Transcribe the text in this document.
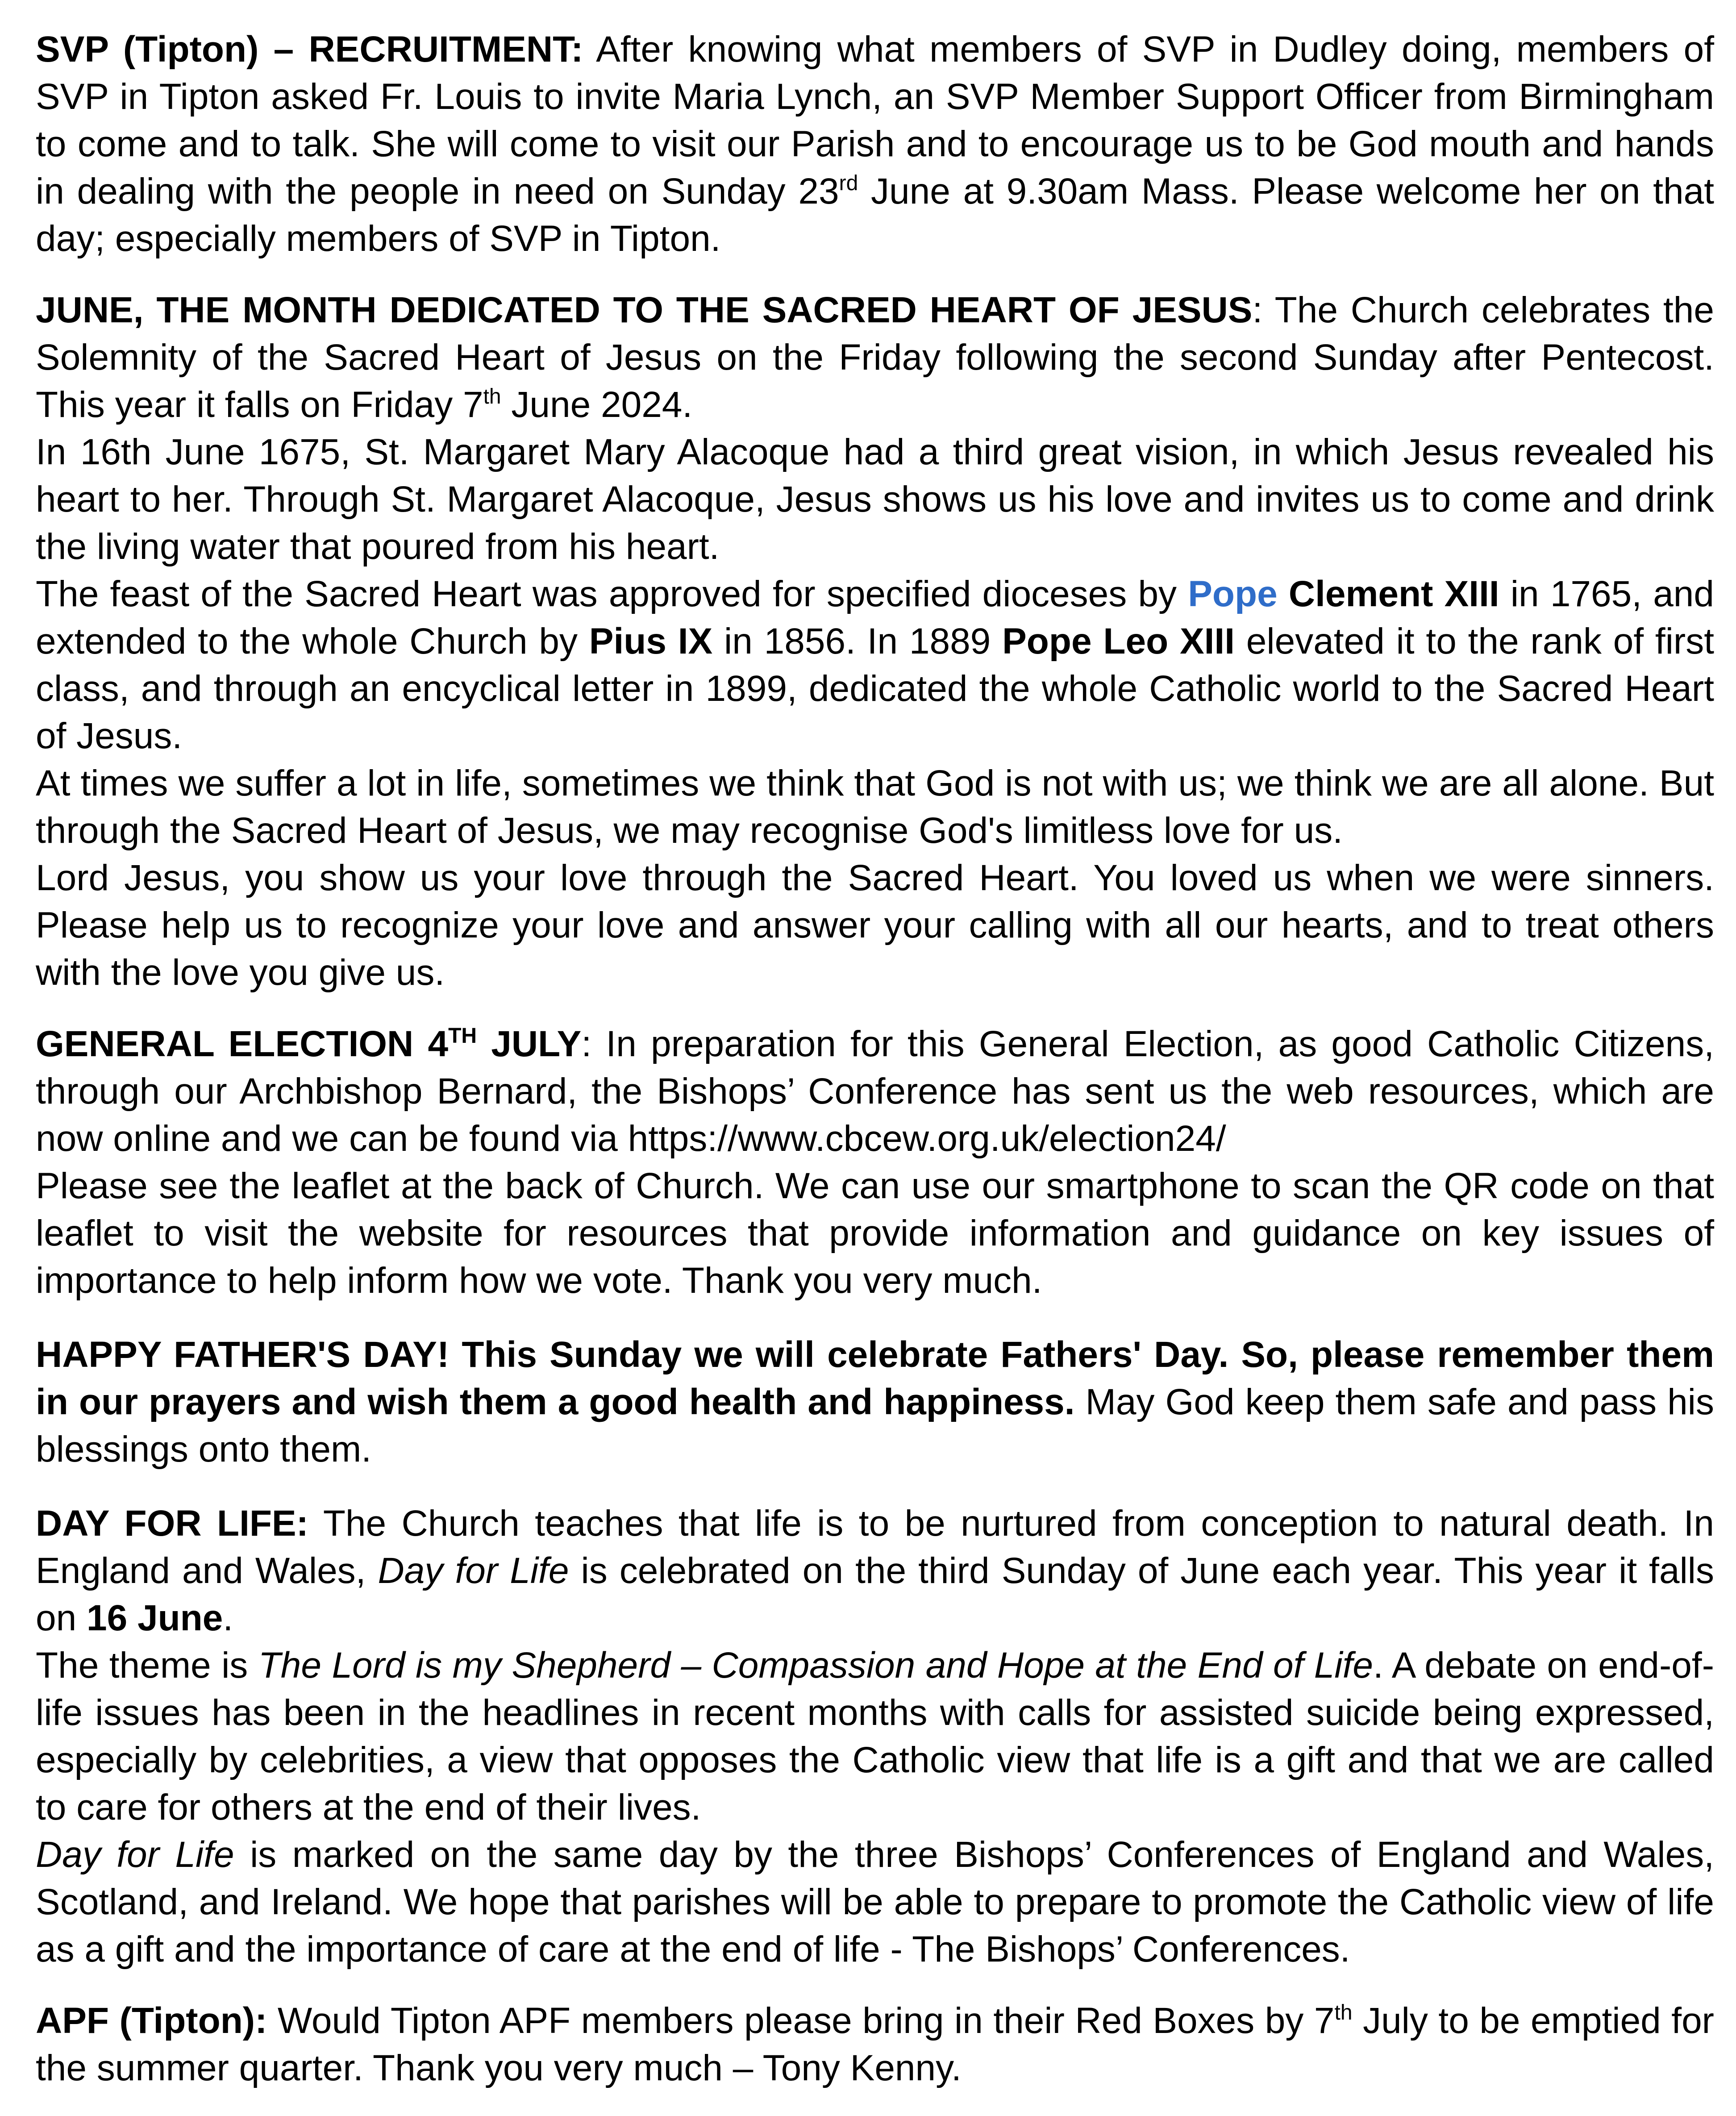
SVP (Tipton) – RECRUITMENT: After knowing what members of SVP in Dudley doing, members of SVP in Tipton asked Fr. Louis to invite Maria Lynch, an SVP Member Support Officer from Birmingham to come and to talk. She will come to visit our Parish and to encourage us to be God mouth and hands in dealing with the people in need on Sunday 23rd June at 9.30am Mass. Please welcome her on that day; especially members of SVP in Tipton.

JUNE, THE MONTH DEDICATED TO THE SACRED HEART OF JESUS: The Church celebrates the Solemnity of the Sacred Heart of Jesus on the Friday following the second Sunday after Pentecost. This year it falls on Friday 7th June 2024.

In 16th June 1675, St. Margaret Mary Alacoque had a third great vision, in which Jesus revealed his heart to her. Through St. Margaret Alacoque, Jesus shows us his love and invites us to come and drink the living water that poured from his heart.

The feast of the Sacred Heart was approved for specified dioceses by Pope Clement XIII in 1765, and extended to the whole Church by Pius IX in 1856. In 1889 Pope Leo XIII elevated it to the rank of first class, and through an encyclical letter in 1899, dedicated the whole Catholic world to the Sacred Heart of Jesus.

At times we suffer a lot in life, sometimes we think that God is not with us; we think we are all alone. But through the Sacred Heart of Jesus, we may recognise God's limitless love for us.

Lord Jesus, you show us your love through the Sacred Heart. You loved us when we were sinners. Please help us to recognize your love and answer your calling with all our hearts, and to treat others with the love you give us.

GENERAL ELECTION 4TH JULY: In preparation for this General Election, as good Catholic Citizens, through our Archbishop Bernard, the Bishops’ Conference has sent us the web resources, which are now online and we can be found via https://www.cbcew.org.uk/election24/

Please see the leaflet at the back of Church. We can use our smartphone to scan the QR code on that leaflet to visit the website for resources that provide information and guidance on key issues of importance to help inform how we vote. Thank you very much.

HAPPY FATHER'S DAY! This Sunday we will celebrate Fathers' Day. So, please remember them in our prayers and wish them a good health and happiness. May God keep them safe and pass his blessings onto them.

DAY FOR LIFE: The Church teaches that life is to be nurtured from conception to natural death. In England and Wales, Day for Life is celebrated on the third Sunday of June each year. This year it falls on 16 June.

The theme is The Lord is my Shepherd – Compassion and Hope at the End of Life. A debate on end-of-life issues has been in the headlines in recent months with calls for assisted suicide being expressed, especially by celebrities, a view that opposes the Catholic view that life is a gift and that we are called to care for others at the end of their lives.

Day for Life is marked on the same day by the three Bishops’ Conferences of England and Wales, Scotland, and Ireland. We hope that parishes will be able to prepare to promote the Catholic view of life as a gift and the importance of care at the end of life - The Bishops’ Conferences.

APF (Tipton): Would Tipton APF members please bring in their Red Boxes by 7th July to be emptied for the summer quarter. Thank you very much – Tony Kenny.
